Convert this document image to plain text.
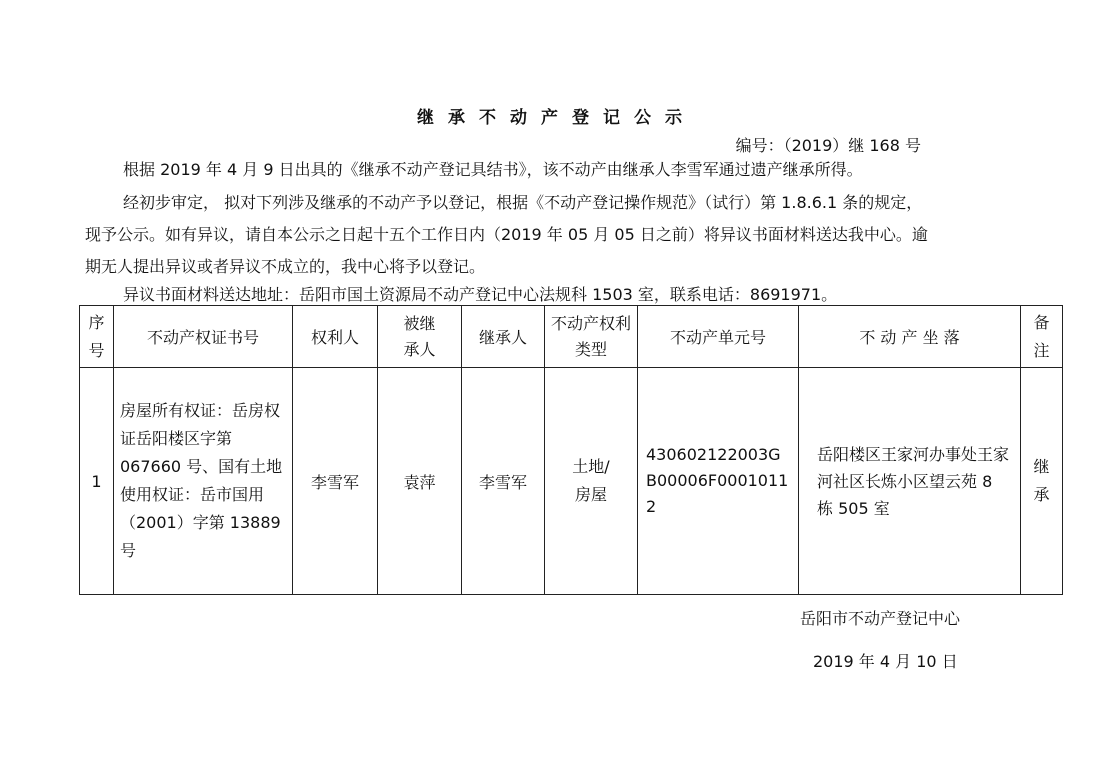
继承不动产登记公示
编号：（2019）继 168 号
根据 2019 年 4 月 9 日出具的《继承不动产登记具结书》，该不动产由继承人李雪军通过遗产继承所得。
经初步审定， 拟对下列涉及继承的不动产予以登记，根据《不动产登记操作规范》（试行）第 1.8.6.1 条的规定，
现予公示。如有异议，请自本公示之日起十五个工作日内（2019 年 05 月 05 日之前）将异议书面材料送达我中心。逾
期无人提出异议或者异议不成立的，我中心将予以登记。
异议书面材料送达地址：岳阳市国土资源局不动产登记中心法规科 1503 室，联系电话：8691971。
序号	不动产权证书号	权利人	被继承人	继承人	不动产权利类型	不动产单元号	不 动 产 坐 落	备注
1	房屋所有权证：岳房权证岳阳楼区字第 067660 号、国有土地使用权证：岳市国用（2001）字第 13889 号	李雪军	袁萍	李雪军	土地/房屋	430602122003GB00006F00010112	岳阳楼区王家河办事处王家河社区长炼小区望云苑 8 栋 505 室	继承
岳阳市不动产登记中心
2019 年 4 月 10 日
